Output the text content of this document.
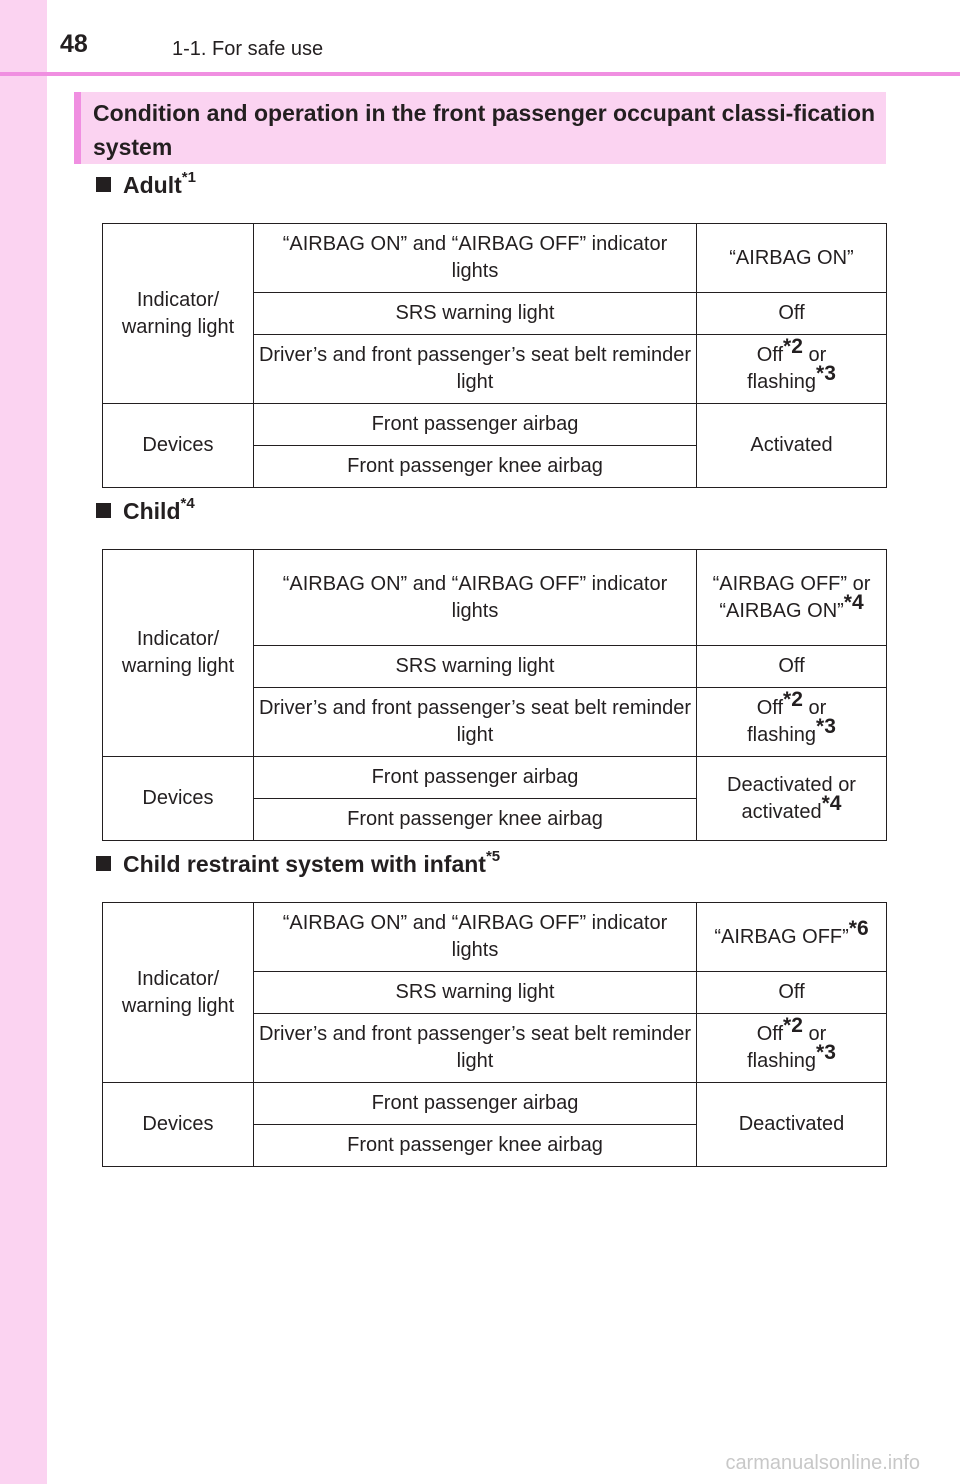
48	1-1. For safe use
Condition and operation in the front passenger occupant classi-fication system
Adult$^{*1}$
Indicator/ warning light	“AIRBAG ON” and “AIRBAG OFF” indicator lights	“AIRBAG ON”
	SRS warning light	Off
	Driver’s and front passenger’s seat belt reminder light	Off$^{*2}$ or
flashing$^{*3}$
Devices	Front passenger airbag	Activated
	Front passenger knee airbag	
Child$^{*4}$
Indicator/ warning light	“AIRBAG ON” and “AIRBAG OFF” indicator lights	“AIRBAG OFF” or
“AIRBAG ON”$^{*4}$
	SRS warning light	Off
	Driver’s and front passenger’s seat belt reminder light	Off$^{*2}$ or
flashing$^{*3}$
Devices	Front passenger airbag	Deactivated or activated$^{*4}$
	Front passenger knee airbag	
Child restraint system with infant$^{*5}$
Indicator/ warning light	“AIRBAG ON” and “AIRBAG OFF” indicator lights	“AIRBAG OFF”$^{*6}$
	SRS warning light	Off
	Driver’s and front passenger’s seat belt reminder light	Off$^{*2}$ or
flashing$^{*3}$
Devices	Front passenger airbag	Deactivated
	Front passenger knee airbag	
carmanualsonline.info
